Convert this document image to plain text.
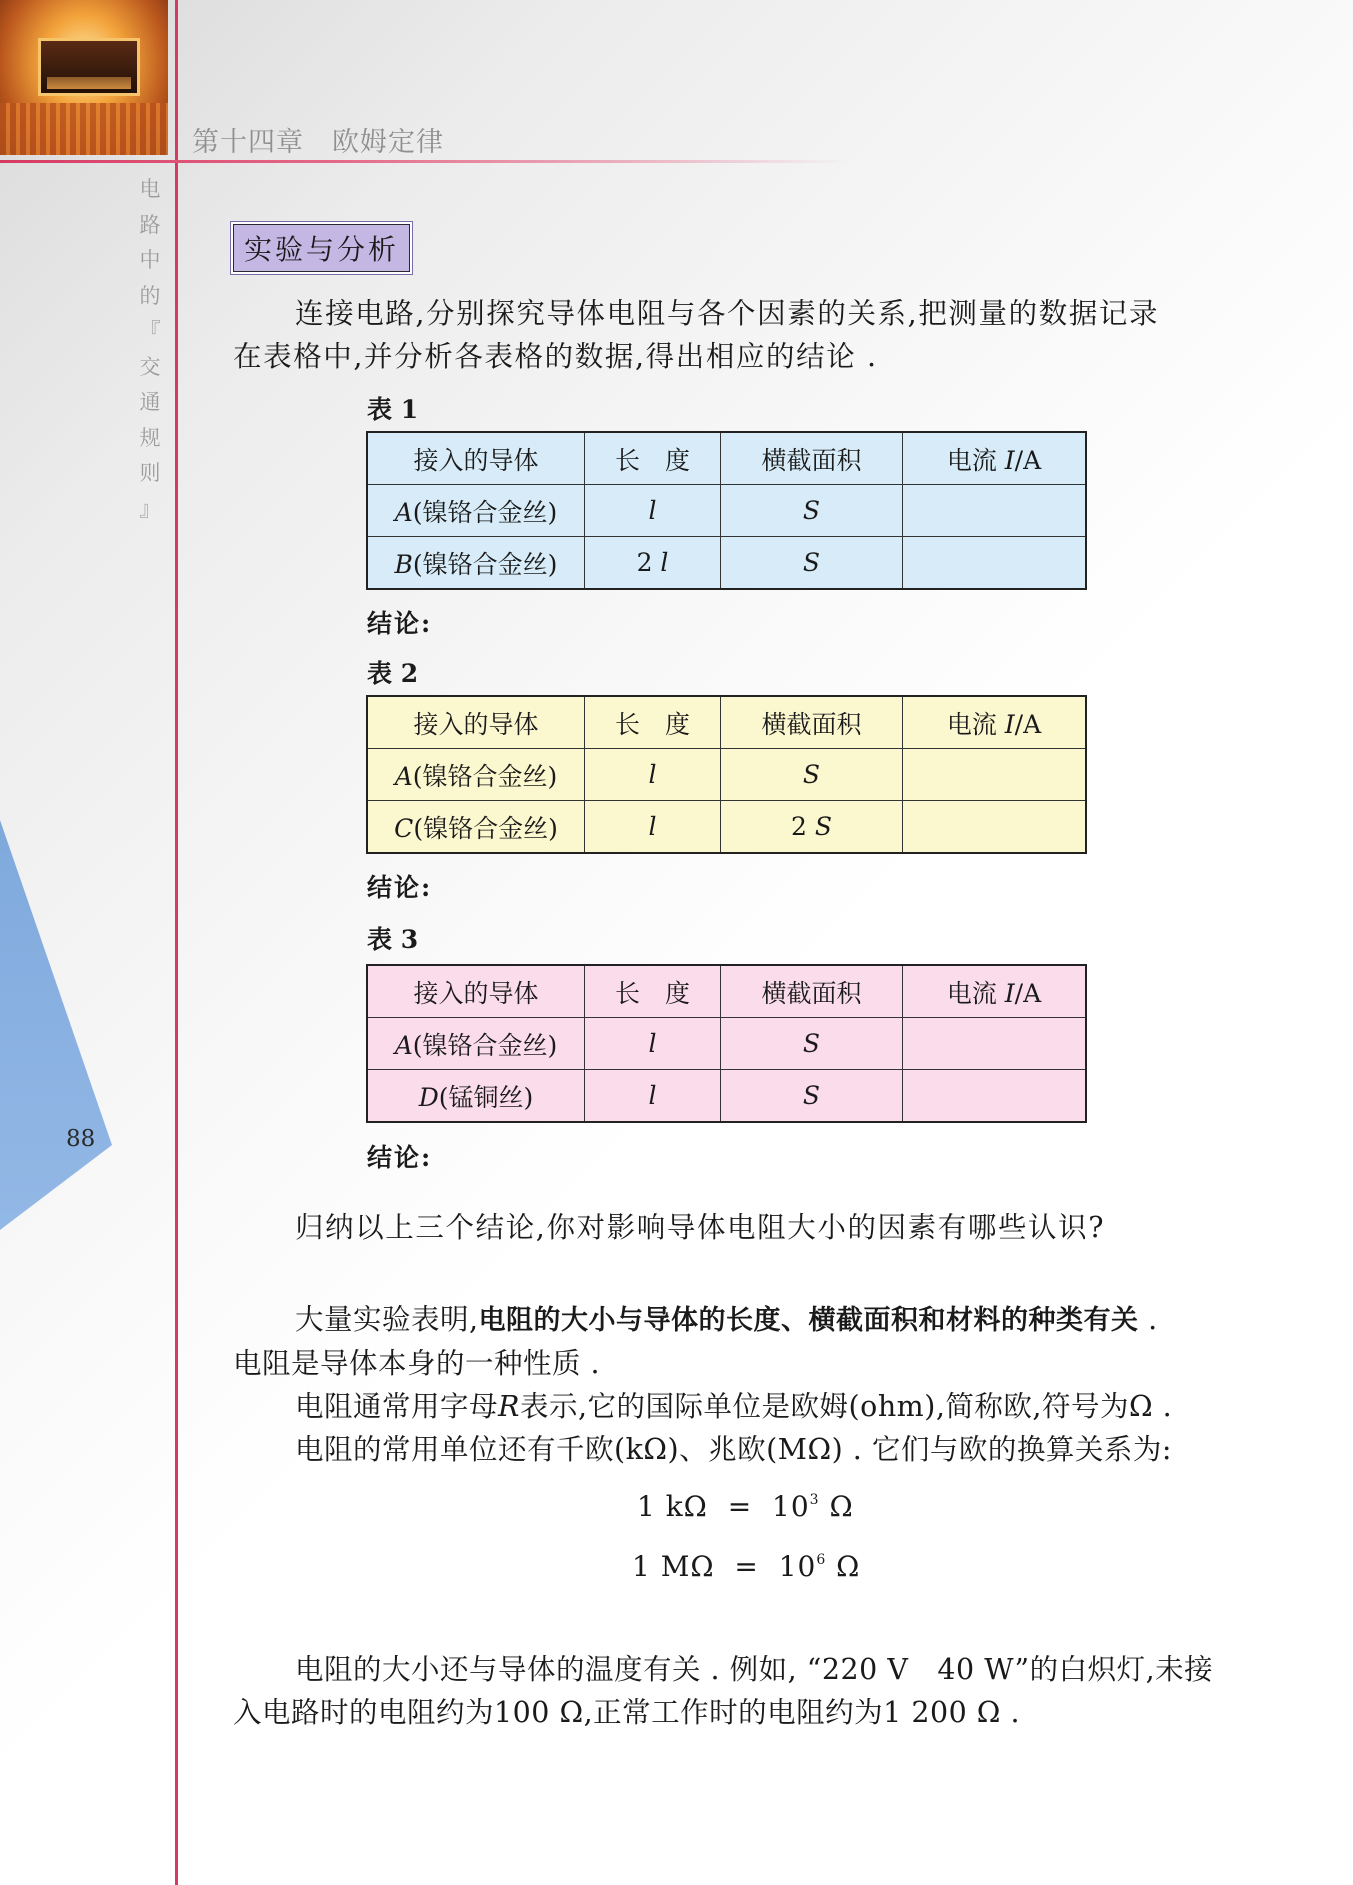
第十四章　欧姆定律
电
路
中
的
『
交
通
规
则
』
88
实验与分析
连接电路,分别探究导体电阻与各个因素的关系,把测量的数据记录
在表格中,并分析各表格的数据,得出相应的结论 .
表 1
接入的导体	长　度	横截面积	电流 I/A
A(镍铬合金丝)	l	S	
B(镍铬合金丝)	2 l	S	
结论:
表 2
接入的导体	长　度	横截面积	电流 I/A
A(镍铬合金丝)	l	S	
C(镍铬合金丝)	l	2 S	
结论:
表 3
接入的导体	长　度	横截面积	电流 I/A
A(镍铬合金丝)	l	S	
D(锰铜丝)	l	S	
结论:
归纳以上三个结论,你对影响导体电阻大小的因素有哪些认识?
大量实验表明,电阻的大小与导体的长度、横截面积和材料的种类有关 .
电阻是导体本身的一种性质 .
电阻通常用字母R表示,它的国际单位是欧姆(ohm),简称欧,符号为Ω .
电阻的常用单位还有千欧(kΩ)、兆欧(MΩ) . 它们与欧的换算关系为:
1 $k\Omega = 10^3$ Ω
1 $M\Omega = 10^6$ Ω
电阻的大小还与导体的温度有关 . 例如, “220 V　40 W”的白炽灯,未接
入电路时的电阻约为100 Ω,正常工作时的电阻约为1 200 Ω .
